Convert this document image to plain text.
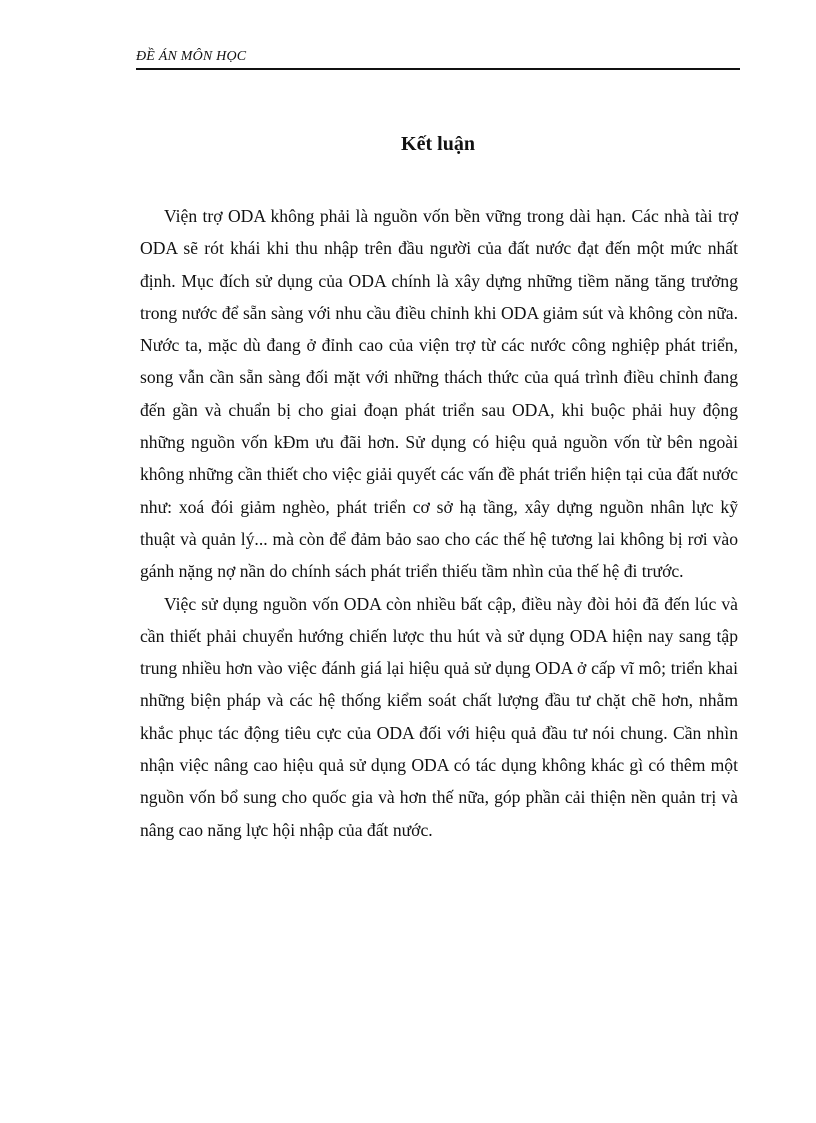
ĐỀ ÁN MÔN HỌC
Kết luận

Viện trợ ODA không phải là nguồn vốn bền vững trong dài hạn. Các nhà tài trợ ODA sẽ rót khái khi thu nhập trên đầu người của đất nước đạt đến một mức nhất định. Mục đích sử dụng của ODA chính là xây dựng những tiềm năng tăng trưởng trong nước để sẵn sàng với nhu cầu điều chỉnh khi ODA giảm sút và không còn nữa. Nước ta, mặc dù đang ở đỉnh cao của viện trợ từ các nước công nghiệp phát triển, song vẫn cần sẵn sàng đối mặt với những thách thức của quá trình điều chỉnh đang đến gần và chuẩn bị cho giai đoạn phát triển sau ODA, khi buộc phải huy động những nguồn vốn kÐm ưu đãi hơn. Sử dụng có hiệu quả nguồn vốn từ bên ngoài không những cần thiết cho việc giải quyết các vấn đề phát triển hiện tại của đất nước như: xoá đói giảm nghèo, phát triển cơ sở hạ tầng, xây dựng nguồn nhân lực kỹ thuật và quản lý... mà còn để đảm bảo sao cho các thế hệ tương lai không bị rơi vào gánh nặng nợ nần do chính sách phát triển thiếu tầm nhìn của thế hệ đi trước.

Việc sử dụng nguồn vốn ODA còn nhiều bất cập, điều này đòi hỏi đã đến lúc và cần thiết phải chuyển hướng chiến lược thu hút và sử dụng ODA hiện nay sang tập trung nhiều hơn vào việc đánh giá lại hiệu quả sử dụng ODA ở cấp vĩ mô; triển khai những biện pháp và các hệ thống kiểm soát chất lượng đầu tư chặt chẽ hơn, nhằm khắc phục tác động tiêu cực của ODA đối với hiệu quả đầu tư nói chung. Cần nhìn nhận việc nâng cao hiệu quả sử dụng ODA có tác dụng không khác gì có thêm một nguồn vốn bổ sung cho quốc gia và hơn thế nữa, góp phần cải thiện nền quản trị và nâng cao năng lực hội nhập của đất nước.
